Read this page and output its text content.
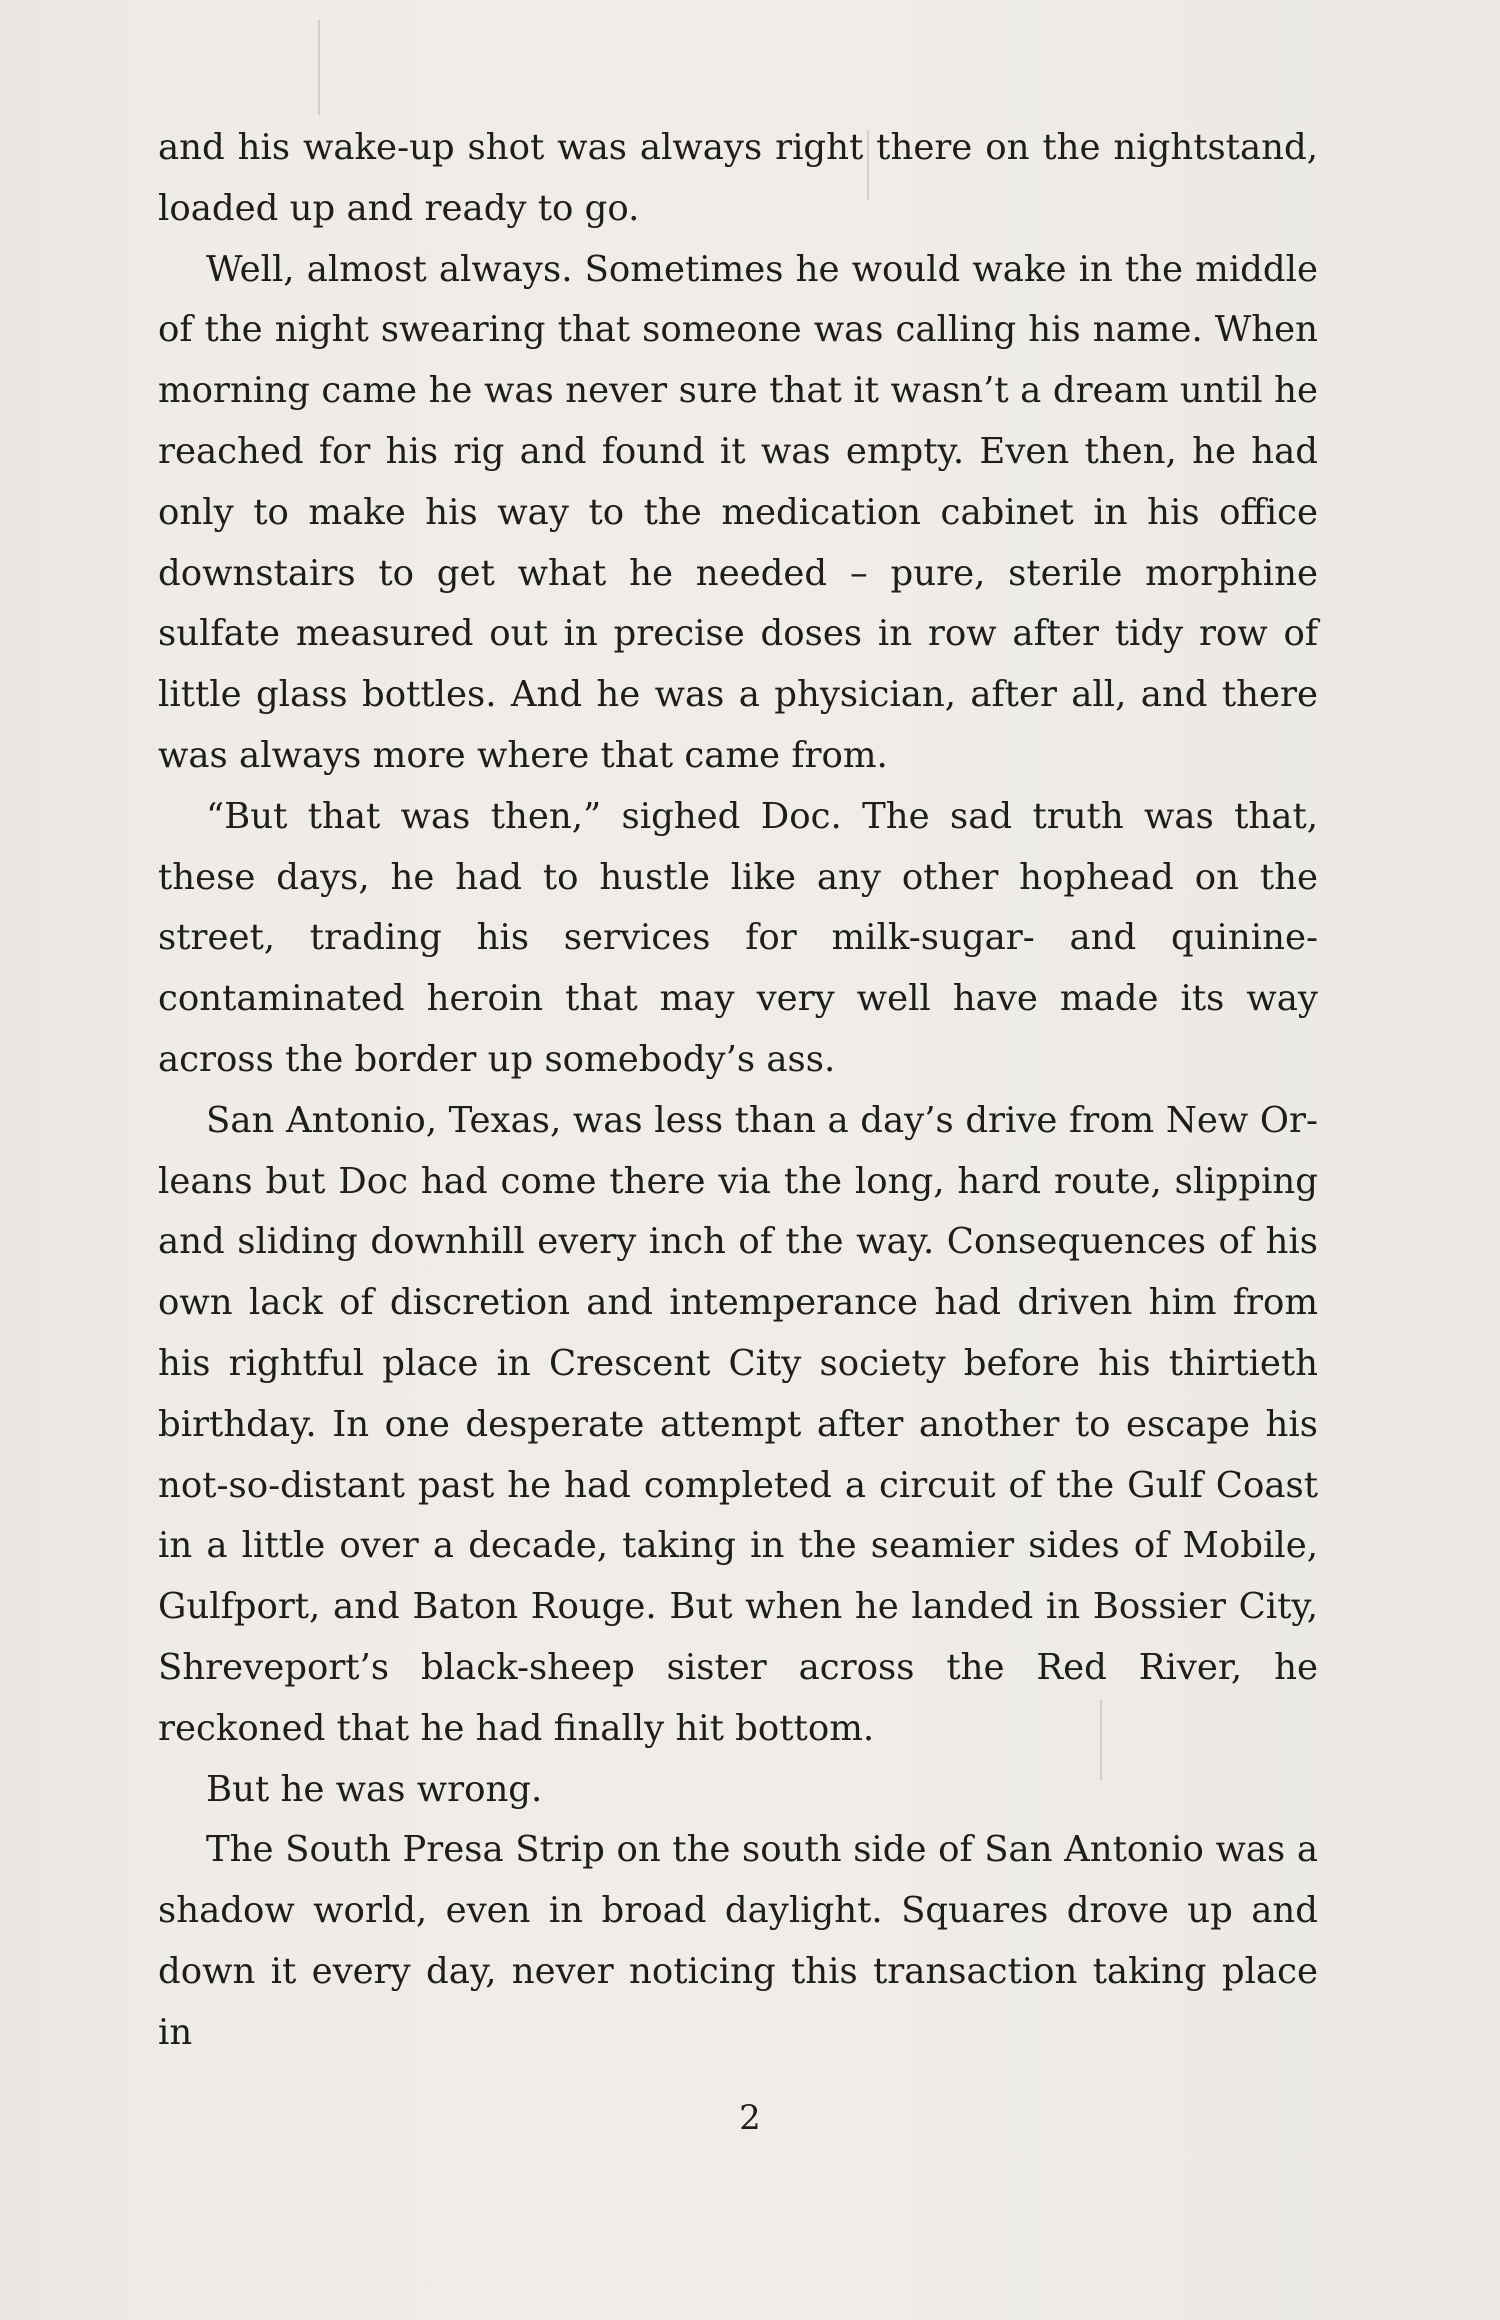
and his wake-up shot was always right there on the nightstand, loaded up and ready to go.

Well, almost always. Sometimes he would wake in the middle of the night swearing that someone was calling his name. When morning came he was never sure that it wasn’t a dream until he reached for his rig and found it was empty. Even then, he had only to make his way to the medication cabinet in his office downstairs to get what he needed – pure, sterile morphine sulfate measured out in precise doses in row after tidy row of little glass bottles. And he was a physician, after all, and there was always more where that came from.

“But that was then,” sighed Doc. The sad truth was that, these days, he had to hustle like any other hophead on the street, trading his services for milk-sugar- and quinine-contaminated heroin that may very well have made its way across the border up somebody’s ass.

San Antonio, Texas, was less than a day’s drive from New Orleans but Doc had come there via the long, hard route, slipping and sliding downhill every inch of the way. Consequences of his own lack of discretion and intemperance had driven him from his rightful place in Crescent City society before his thirtieth birthday. In one desperate attempt after another to escape his not-so-distant past he had completed a circuit of the Gulf Coast in a little over a decade, taking in the seamier sides of Mobile, Gulfport, and Baton Rouge. But when he landed in Bossier City, Shreveport’s black-sheep sister across the Red River, he reckoned that he had finally hit bottom.

But he was wrong.

The South Presa Strip on the south side of San Antonio was a shadow world, even in broad daylight. Squares drove up and down it every day, never noticing this transaction taking place in

2
